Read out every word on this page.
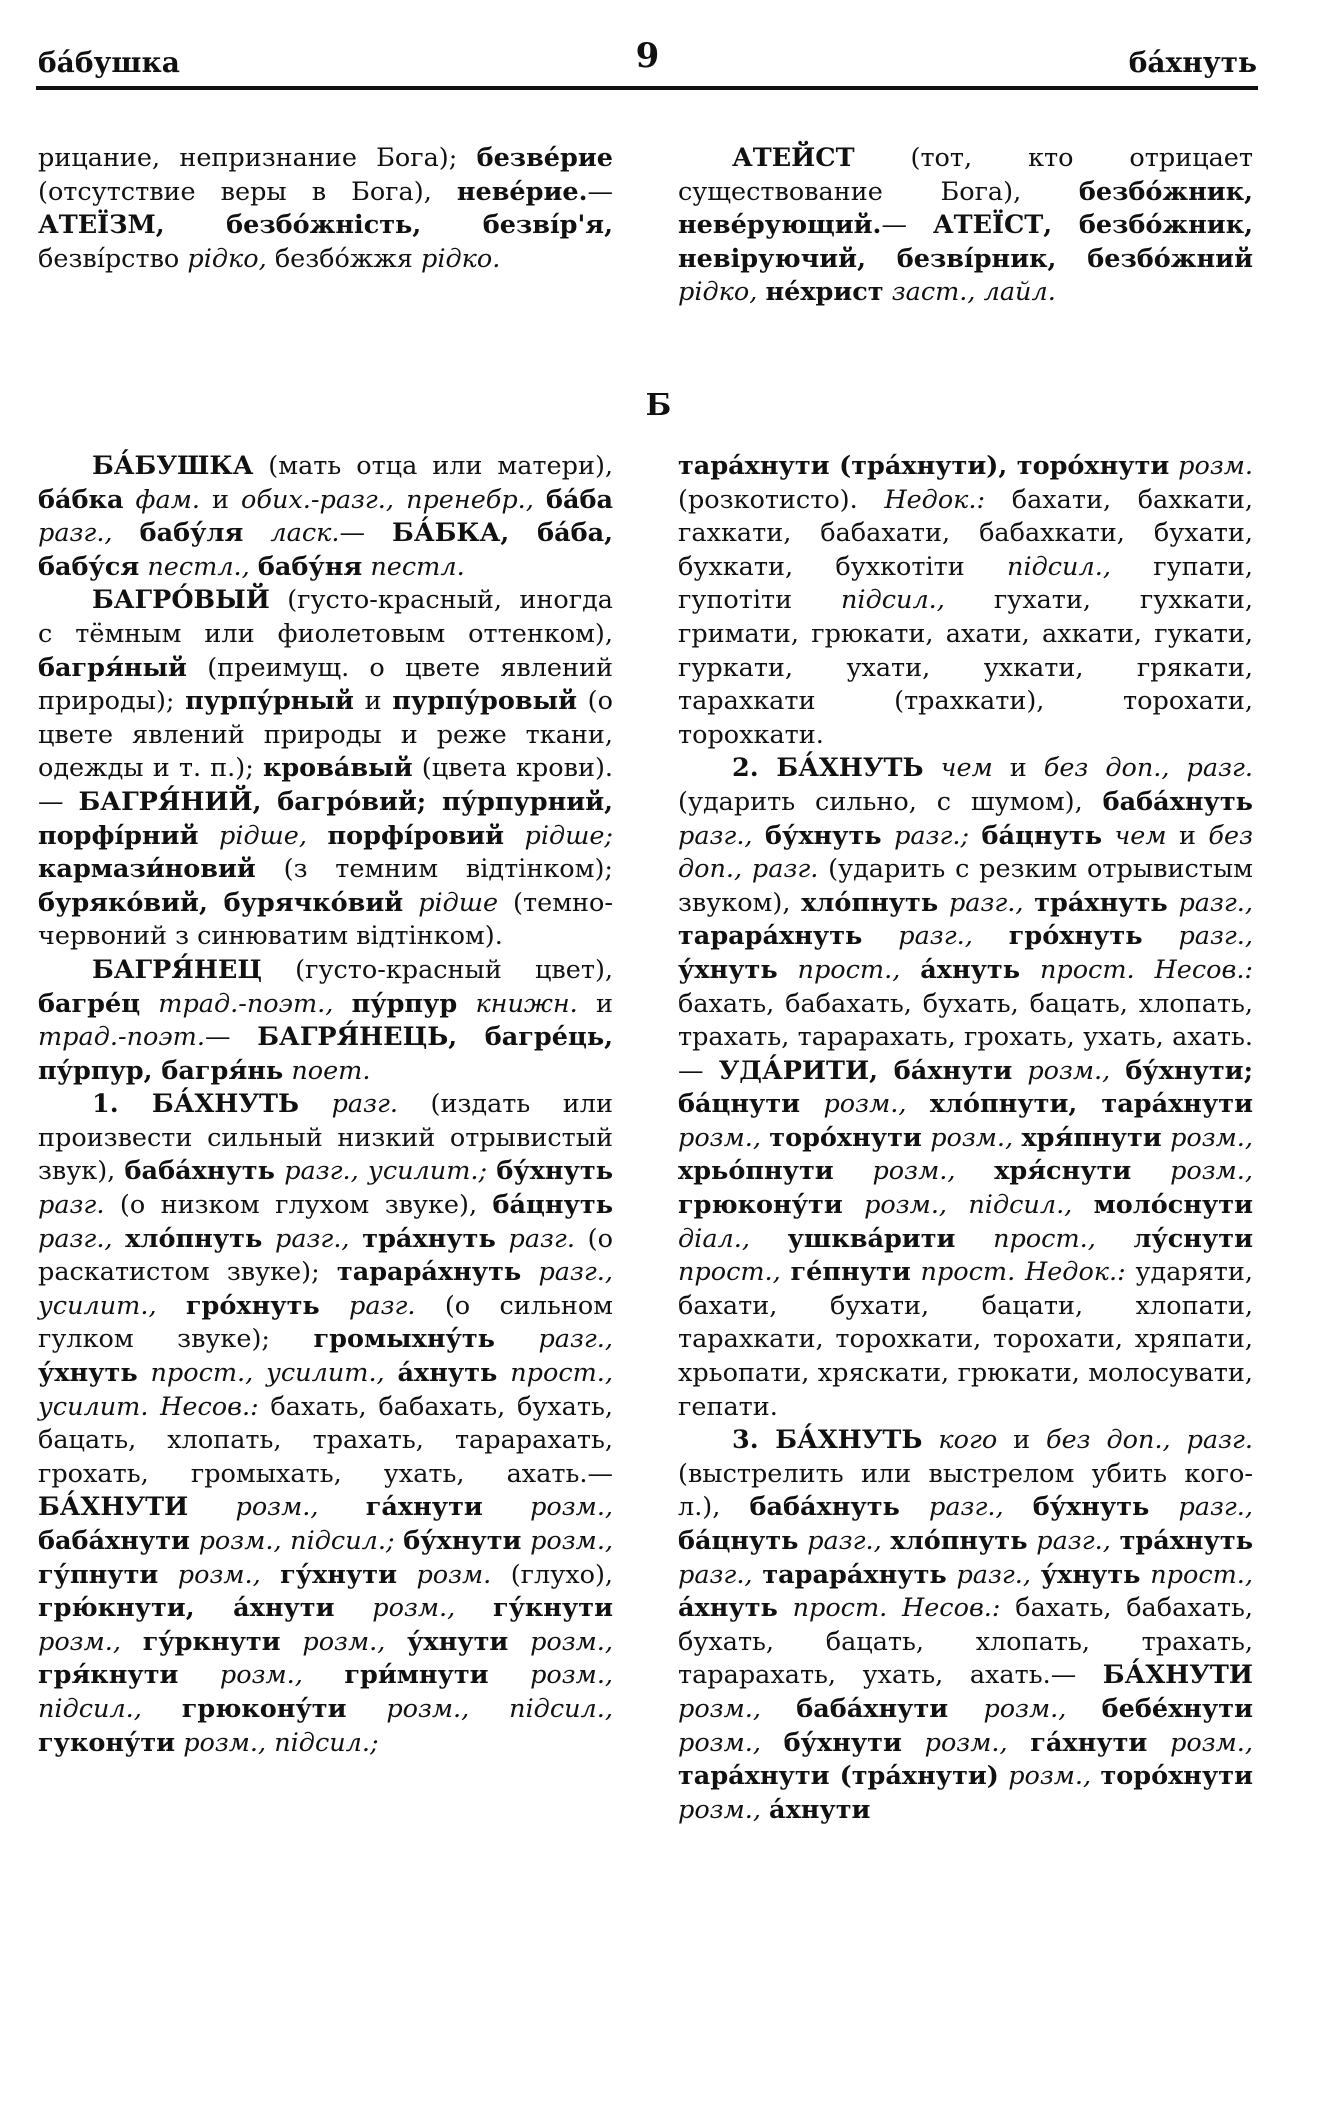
ба́бушка	9	ба́хнуть
Б

рицание, непризнание Бога); безве́рие (отсутствие веры в Бога), неве́рие.— АТЕЇЗМ, безбо́жність, безві́р'я, безві́рство рідко, безбо́жжя рідко.

АТЕЙСТ (тот, кто отрицает существование Бога), безбо́жник, неве́рующий.— АТЕЇСТ, безбо́жник, невіруючий, безві́рник, безбо́жний рідко, не́христ заст., лайл.

БА́БУШКА (мать отца или матери), ба́бка фам. и обих.-разг., пренебр., ба́ба разг., бабу́ля ласк.— БА́БКА, ба́ба, бабу́ся пестл., бабу́ня пестл.

БАГРО́ВЫЙ (густо-красный, иногда с тёмным или фиолетовым оттенком), багря́ный (преимущ. о цвете явлений природы); пурпу́рный и пурпу́ровый (о цвете явлений природы и реже ткани, одежды и т. п.); крова́вый (цвета крови).— БАГРЯ́НИЙ, багро́вий; пу́рпурний, порфі́рний рідше, порфі́ровий рідше; кармази́новий (з темним відтінком); буряко́вий, бурячко́вий рідше (темно-червоний з синюватим відтінком).

БАГРЯ́НЕЦ (густо-красный цвет), багре́ц трад.-поэт., пу́рпур книжн. и трад.-поэт.— БАГРЯ́НЕЦЬ, багре́ць, пу́рпур, багря́нь поет.

1. БА́ХНУТЬ разг. (издать или произвести сильный низкий отрывистый звук), бабáхнуть разг., усилит.; бу́хнуть разг. (о низком глухом звуке), ба́цнуть разг., хло́пнуть разг., тра́хнуть разг. (о раскатистом звуке); тарара́хнуть разг., усилит., гро́хнуть разг. (о сильном гулком звуке); громыхну́ть разг., у́хнуть прост., усилит., а́хнуть прост., усилит. Несов.: бахать, бабахать, бухать, бацать, хлопать, трахать, тарарахать, грохать, громыхать, ухать, ахать.— БА́ХНУТИ розм., га́хнути розм., бабáхнути розм., підсил.; бу́хнути розм., гу́пнути розм., гу́хнути розм. (глухо), грю́кнути, а́хнути розм., гу́кнути розм., гу́ркнути розм., у́хнути розм., гря́кнути розм., гри́мнути розм., підсил., грюкону́ти розм., підсил., гукону́ти розм., підсил.;

тара́хнути (тра́хнути), торо́хнути розм. (розкотисто). Недок.: бахати, бахкати, гахкати, бабахати, бабахкати, бухати, бухкати, бухкотіти підсил., гупати, гупотіти підсил., гухати, гухкати, гримати, грюкати, ахати, ахкати, гукати, гуркати, ухати, ухкати, грякати, тарахкати (трахкати), торохати, торохкати.

2. БА́ХНУТЬ чем и без доп., разг. (ударить сильно, с шумом), бабáхнуть разг., бу́хнуть разг.; ба́цнуть чем и без доп., разг. (ударить с резким отрывистым звуком), хло́пнуть разг., тра́хнуть разг., тарара́хнуть разг., гро́хнуть разг., у́хнуть прост., а́хнуть прост. Несов.: бахать, бабахать, бухать, бацать, хлопать, трахать, тарарахать, грохать, ухать, ахать.— УДА́РИТИ, ба́хнути розм., бу́хнути; ба́цнути розм., хло́пнути, тара́хнути розм., торо́хнути розм., хря́пнути розм., хрьо́пнути розм., хря́снути розм., грюкону́ти розм., підсил., моло́снути діал., ушква́рити прост., лу́снути прост., ге́пнути прост. Недок.: ударяти, бахати, бухати, бацати, хлопати, тарахкати, торохкати, торохати, хряпати, хрьопати, хряскати, грюкати, молосувати, гепати.

3. БА́ХНУТЬ кого и без доп., разг. (выстрелить или выстрелом убить кого-л.), бабáхнуть разг., бу́хнуть разг., ба́цнуть разг., хло́пнуть разг., тра́хнуть разг., тарара́хнуть разг., у́хнуть прост., а́хнуть прост. Несов.: бахать, бабахать, бухать, бацать, хлопать, трахать, тарарахать, ухать, ахать.— БА́ХНУТИ розм., бабáхнути розм., бебе́хнути розм., бу́хнути розм., га́хнути розм., тара́хнути (тра́хнути) розм., торо́хнути розм., а́хнути
